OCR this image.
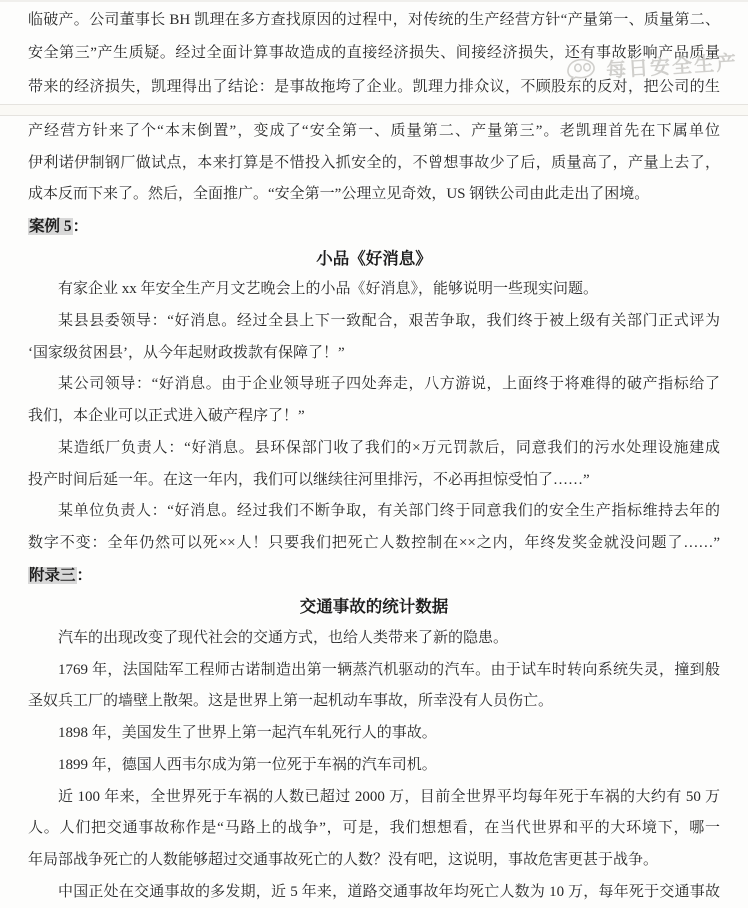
临破产。公司董事长 BH 凯理在多方查找原因的过程中，对传统的生产经营方针“产量第一、质量第二、
安全第三”产生质疑。经过全面计算事故造成的直接经济损失、间接经济损失，还有事故影响产品质量
带来的经济损失，凯理得出了结论：是事故拖垮了企业。凯理力排众议，不顾股东的反对，把公司的生
产经营方针来了个“本末倒置”，变成了“安全第一、质量第二、产量第三”。老凯理首先在下属单位
伊利诺伊制钢厂做试点，本来打算是不惜投入抓安全的，不曾想事故少了后，质量高了，产量上去了，
成本反而下来了。然后，全面推广。“安全第一”公理立见奇效，US 钢铁公司由此走出了困境。
案例 5：
小品《好消息》
有家企业 xx 年安全生产月文艺晚会上的小品《好消息》，能够说明一些现实问题。
某县县委领导：“好消息。经过全县上下一致配合，艰苦争取，我们终于被上级有关部门正式评为
‘国家级贫困县’，从今年起财政拨款有保障了！”
某公司领导：“好消息。由于企业领导班子四处奔走，八方游说，上面终于将难得的破产指标给了
我们，本企业可以正式进入破产程序了！”
某造纸厂负责人：“好消息。县环保部门收了我们的×万元罚款后，同意我们的污水处理设施建成
投产时间后延一年。在这一年内，我们可以继续往河里排污，不必再担惊受怕了……”
某单位负责人：“好消息。经过我们不断争取，有关部门终于同意我们的安全生产指标维持去年的
数字不变：全年仍然可以死××人！只要我们把死亡人数控制在××之内，年终发奖金就没问题了……”
附录三：
交通事故的统计数据
汽车的出现改变了现代社会的交通方式，也给人类带来了新的隐患。
1769 年，法国陆军工程师古诺制造出第一辆蒸汽机驱动的汽车。由于试车时转向系统失灵，撞到般
圣奴兵工厂的墙壁上散架。这是世界上第一起机动车事故，所幸没有人员伤亡。
1898 年，美国发生了世界上第一起汽车轧死行人的事故。
1899 年，德国人西韦尔成为第一位死于车祸的汽车司机。
近 100 年来，全世界死于车祸的人数已超过 2000 万，目前全世界平均每年死于车祸的大约有 50 万
人。人们把交通事故称作是“马路上的战争”，可是，我们想想看，在当代世界和平的大环境下，哪一
年局部战争死亡的人数能够超过交通事故死亡的人数？没有吧，这说明，事故危害更甚于战争。
中国正处在交通事故的多发期，近 5 年来，道路交通事故年均死亡人数为 10 万，每年死于交通事故
每日安全生产
